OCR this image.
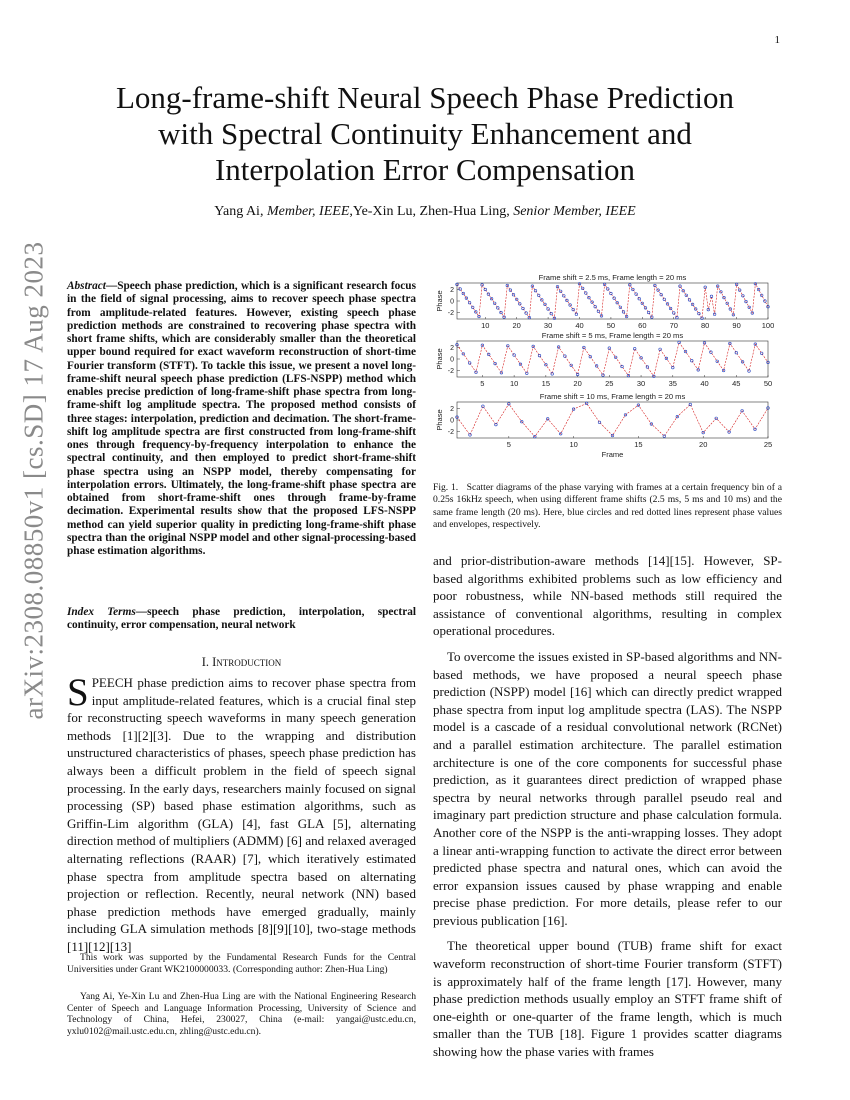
1
arXiv:2308.08850v1 [cs.SD] 17 Aug 2023
Long-frame-shift Neural Speech Phase Prediction
with Spectral Continuity Enhancement and
Interpolation Error Compensation
Yang Ai, Member, IEEE,Ye-Xin Lu, Zhen-Hua Ling, Senior Member, IEEE
Abstract—Speech phase prediction, which is a significant research focus in the field of signal processing, aims to recover speech phase spectra from amplitude-related features. However, existing speech phase prediction methods are constrained to recovering phase spectra with short frame shifts, which are considerably smaller than the theoretical upper bound required for exact waveform reconstruction of short-time Fourier transform (STFT). To tackle this issue, we present a novel long-frame-shift neural speech phase prediction (LFS-NSPP) method which enables precise prediction of long-frame-shift phase spectra from long-frame-shift log amplitude spectra. The proposed method consists of three stages: interpolation, prediction and decimation. The short-frame-shift log amplitude spectra are first constructed from long-frame-shift ones through frequency-by-frequency interpolation to enhance the spectral continuity, and then employed to predict short-frame-shift phase spectra using an NSPP model, thereby compensating for interpolation errors. Ultimately, the long-frame-shift phase spectra are obtained from short-frame-shift ones through frame-by-frame decimation. Experimental results show that the proposed LFS-NSPP method can yield superior quality in predicting long-frame-shift phase spectra than the original NSPP model and other signal-processing-based phase estimation algorithms.
Index Terms—speech phase prediction, interpolation, spectral continuity, error compensation, neural network
I. Introduction
SPEECH phase prediction aims to recover phase spectra from input amplitude-related features, which is a crucial final step for reconstructing speech waveforms in many speech generation methods [1][2][3]. Due to the wrapping and distribution unstructured characteristics of phases, speech phase prediction has always been a difficult problem in the field of speech signal processing. In the early days, researchers mainly focused on signal processing (SP) based phase estimation algorithms, such as Griffin-Lim algorithm (GLA) [4], fast GLA [5], alternating direction method of multipliers (ADMM) [6] and relaxed averaged alternating reflections (RAAR) [7], which iteratively estimated phase spectra from amplitude spectra based on alternating projection or reflection. Recently, neural network (NN) based phase prediction methods have emerged gradually, mainly including GLA simulation methods [8][9][10], two-stage methods [11][12][13]
This work was supported by the Fundamental Research Funds for the Central Universities under Grant WK2100000033. (Corresponding author: Zhen-Hua Ling)
Yang Ai, Ye-Xin Lu and Zhen-Hua Ling are with the National Engineering Research Center of Speech and Language Information Processing, University of Science and Technology of China, Hefei, 230027, China (e-mail: yangai@ustc.edu.cn, yxlu0102@mail.ustc.edu.cn, zhling@ustc.edu.cn).
Frame shift = 2.5 ms, Frame length = 20 ms
2
0
-2
10	20	30	40	50	60	70	80	90	100
Phase
Frame shift = 5 ms, Frame length = 20 ms
2
0
-2
5	10	15	20	25	30	35	40	45	50
Phase
Frame shift = 10 ms, Frame length = 20 ms
2
0
-2
5	10	15	20	25
Phase
Frame
Fig. 1. Scatter diagrams of the phase varying with frames at a certain frequency bin of a 0.25s 16kHz speech, when using different frame shifts (2.5 ms, 5 ms and 10 ms) and the same frame length (20 ms). Here, blue circles and red dotted lines represent phase values and envelopes, respectively.

and prior-distribution-aware methods [14][15]. However, SP-based algorithms exhibited problems such as low efficiency and poor robustness, while NN-based methods still required the assistance of conventional algorithms, resulting in complex operational procedures.

To overcome the issues existed in SP-based algorithms and NN-based methods, we have proposed a neural speech phase prediction (NSPP) model [16] which can directly predict wrapped phase spectra from input log amplitude spectra (LAS). The NSPP model is a cascade of a residual convolutional network (RCNet) and a parallel estimation architecture. The parallel estimation architecture is one of the core components for successful phase prediction, as it guarantees direct prediction of wrapped phase spectra by neural networks through parallel pseudo real and imaginary part prediction structure and phase calculation formula. Another core of the NSPP is the anti-wrapping losses. They adopt a linear anti-wrapping function to activate the direct error between predicted phase spectra and natural ones, which can avoid the error expansion issues caused by phase wrapping and enable precise phase prediction. For more details, please refer to our previous publication [16].

The theoretical upper bound (TUB) frame shift for exact waveform reconstruction of short-time Fourier transform (STFT) is approximately half of the frame length [17]. However, many phase prediction methods usually employ an STFT frame shift of one-eighth or one-quarter of the frame length, which is much smaller than the TUB [18]. Figure 1 provides scatter diagrams showing how the phase varies with frames
